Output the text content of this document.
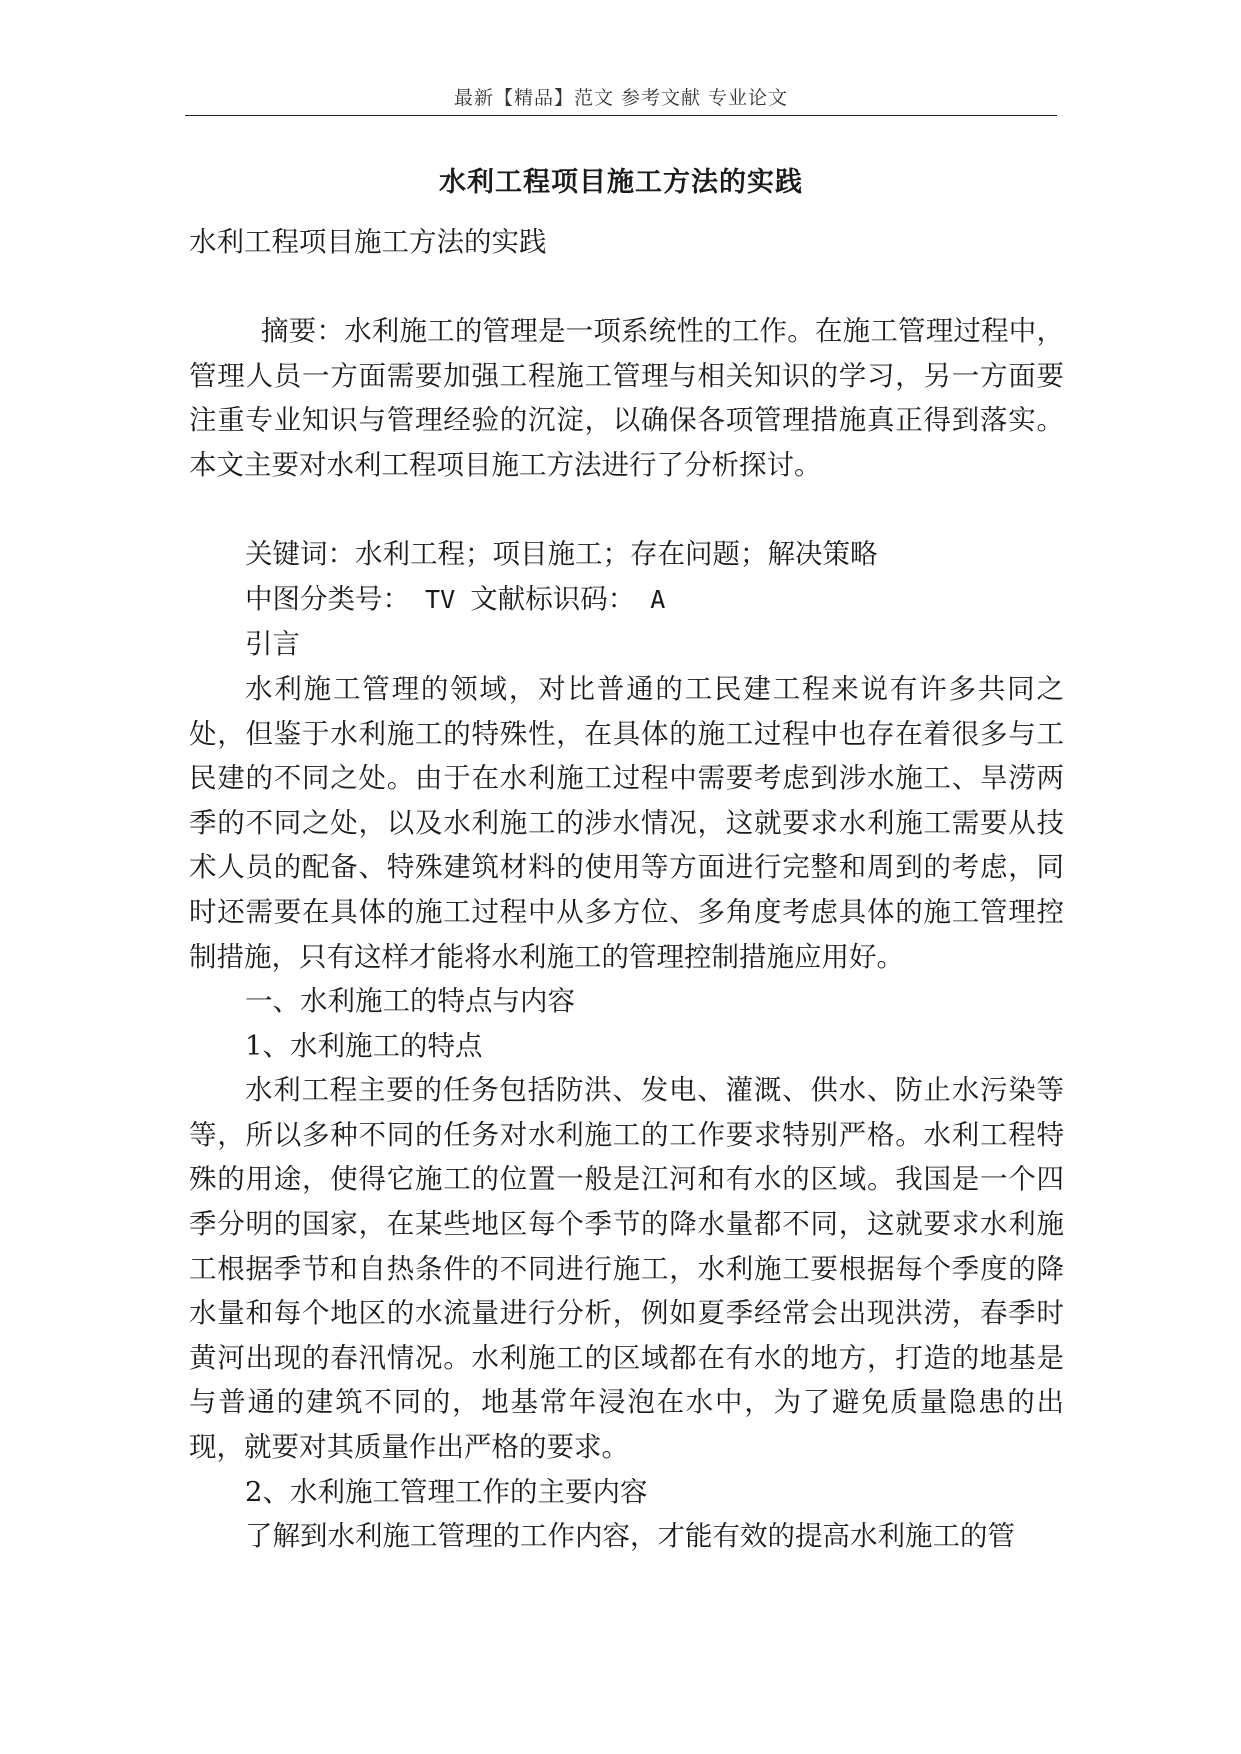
最新【精品】范文 参考文献 专业论文
水利工程项目施工方法的实践

水利工程项目施工方法的实践

摘要：水利施工的管理是一项系统性的工作。在施工管理过程中，管理人员一方面需要加强工程施工管理与相关知识的学习，另一方面要注重专业知识与管理经验的沉淀，以确保各项管理措施真正得到落实。本文主要对水利工程项目施工方法进行了分析探讨。

关键词：水利工程；项目施工；存在问题；解决策略

中图分类号： TV 文献标识码： A

引言

水利施工管理的领域，对比普通的工民建工程来说有许多共同之处，但鉴于水利施工的特殊性，在具体的施工过程中也存在着很多与工民建的不同之处。由于在水利施工过程中需要考虑到涉水施工、旱涝两季的不同之处，以及水利施工的涉水情况，这就要求水利施工需要从技术人员的配备、特殊建筑材料的使用等方面进行完整和周到的考虑，同时还需要在具体的施工过程中从多方位、多角度考虑具体的施工管理控制措施，只有这样才能将水利施工的管理控制措施应用好。

一、水利施工的特点与内容

1、水利施工的特点

水利工程主要的任务包括防洪、发电、灌溉、供水、防止水污染等等，所以多种不同的任务对水利施工的工作要求特别严格。水利工程特殊的用途，使得它施工的位置一般是江河和有水的区域。我国是一个四季分明的国家，在某些地区每个季节的降水量都不同，这就要求水利施工根据季节和自热条件的不同进行施工，水利施工要根据每个季度的降水量和每个地区的水流量进行分析，例如夏季经常会出现洪涝，春季时黄河出现的春汛情况。水利施工的区域都在有水的地方，打造的地基是与普通的建筑不同的，地基常年浸泡在水中，为了避免质量隐患的出现，就要对其质量作出严格的要求。

2、水利施工管理工作的主要内容

了解到水利施工管理的工作内容，才能有效的提高水利施工的管
